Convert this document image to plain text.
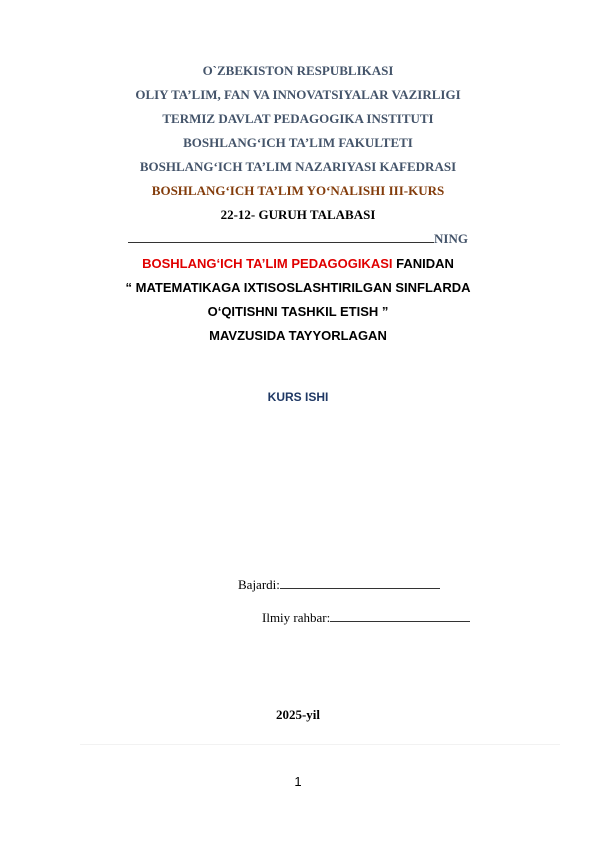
O`ZBEKISTON RESPUBLIKASI
OLIY TA’LIM, FAN VA INNOVATSIYALAR VAZIRLIGI
TERMIZ DAVLAT PEDAGOGIKA INSTITUTI
BOSHLANG‘ICH TA’LIM FAKULTETI
BOSHLANG‘ICH TA’LIM NAZARIYASI KAFEDRASI
BOSHLANG‘ICH TA’LIM YO‘NALISHI III-KURS
22-12- GURUH TALABASI
NING
BOSHLANG‘ICH TA’LIM PEDAGOGIKASI FANIDAN
“ MATEMATIKAGA IXTISOSLASHTIRILGAN SINFLARDA
O‘QITISHNI TASHKIL ETISH ”
MAVZUSIDA TAYYORLAGAN
KURS ISHI
Bajardi:
Ilmiy rahbar:
2025-yil
1
